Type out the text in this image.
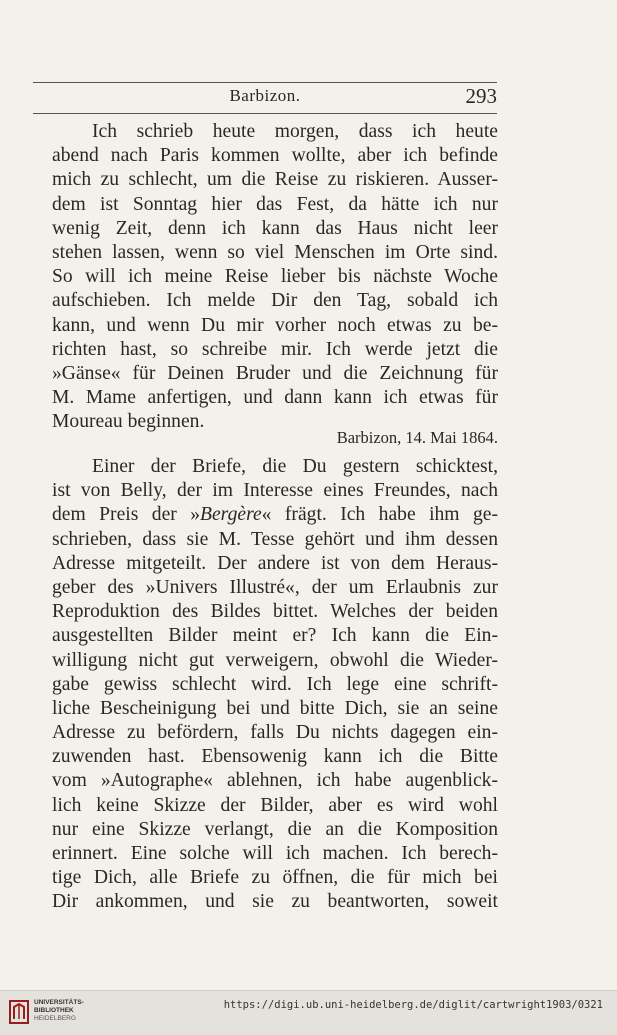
Barbizon.	293
Ich schrieb heute morgen, dass ich heute
abend nach Paris kommen wollte, aber ich befinde
mich zu schlecht, um die Reise zu riskieren. Ausser-
dem ist Sonntag hier das Fest, da hätte ich nur
wenig Zeit, denn ich kann das Haus nicht leer
stehen lassen, wenn so viel Menschen im Orte sind.
So will ich meine Reise lieber bis nächste Woche
aufschieben. Ich melde Dir den Tag, sobald ich
kann, und wenn Du mir vorher noch etwas zu be-
richten hast, so schreibe mir. Ich werde jetzt die
»Gänse« für Deinen Bruder und die Zeichnung für
M. Mame anfertigen, und dann kann ich etwas für
Moureau beginnen.
Barbizon, 14. Mai 1864.
Einer der Briefe, die Du gestern schicktest,
ist von Belly, der im Interesse eines Freundes, nach
dem Preis der »Bergère« frägt. Ich habe ihm ge-
schrieben, dass sie M. Tesse gehört und ihm dessen
Adresse mitgeteilt. Der andere ist von dem Heraus-
geber des »Univers Illustré«, der um Erlaubnis zur
Reproduktion des Bildes bittet. Welches der beiden
ausgestellten Bilder meint er? Ich kann die Ein-
willigung nicht gut verweigern, obwohl die Wieder-
gabe gewiss schlecht wird. Ich lege eine schrift-
liche Bescheinigung bei und bitte Dich, sie an seine
Adresse zu befördern, falls Du nichts dagegen ein-
zuwenden hast. Ebensowenig kann ich die Bitte
vom »Autographe« ablehnen, ich habe augenblick-
lich keine Skizze der Bilder, aber es wird wohl
nur eine Skizze verlangt, die an die Komposition
erinnert. Eine solche will ich machen. Ich berech-
tige Dich, alle Briefe zu öffnen, die für mich bei
Dir ankommen, und sie zu beantworten, soweit
UNIVERSITÄTS-
BIBLIOTHEK
HEIDELBERG
https://digi.ub.uni-heidelberg.de/diglit/cartwright1903/0321
